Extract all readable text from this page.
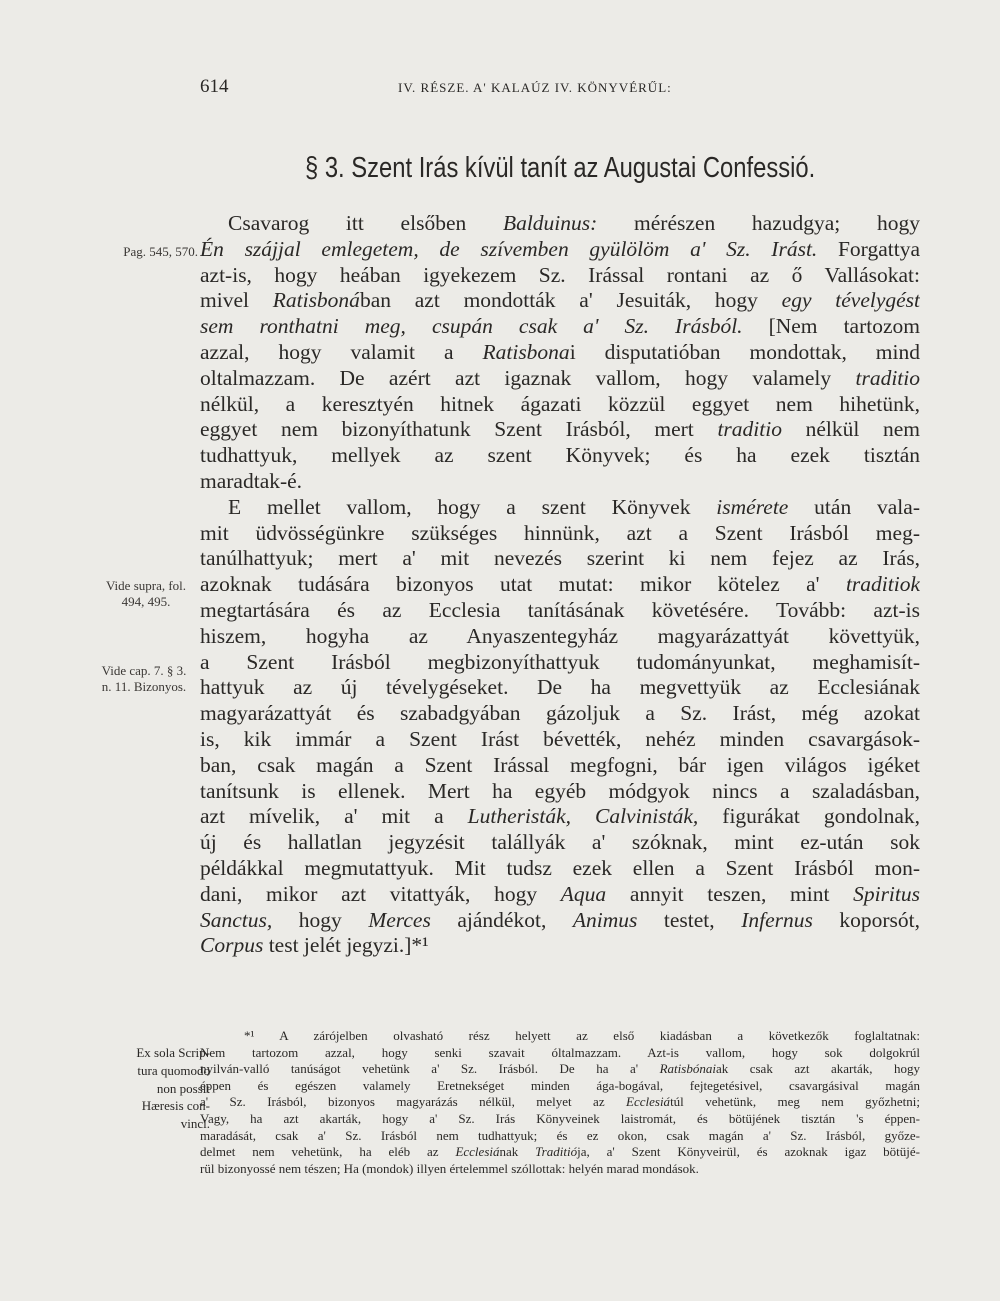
614	IV. RÉSZE. A' KALAÚZ IV. KÖNYVÉRŰL:
§ 3. Szent Irás kívül tanít az Augustai Confessió.
Csavarog itt elsőben Balduinus: mérészen hazudgya; hogy
Én szájjal emlegetem, de szívemben gyülölöm a' Sz. Irást. Forgattya
azt-is, hogy heában igyekezem Sz. Irással rontani az ő Vallásokat:
mivel Ratisbonában azt mondották a' Jesuiták, hogy egy tévelygést
sem ronthatni meg, csupán csak a' Sz. Irásból. [Nem tartozom
azzal, hogy valamit a Ratisbonai disputatióban mondottak, mind
oltalmazzam. De azért azt igaznak vallom, hogy valamely traditio
nélkül, a keresztyén hitnek ágazati közzül eggyet nem hihetünk,
eggyet nem bizonyíthatunk Szent Irásból, mert traditio nélkül nem
tudhattyuk, mellyek az szent Könyvek; és ha ezek tisztán
maradtak-é.
E mellet vallom, hogy a szent Könyvek ismérete után vala-
mit üdvösségünkre szükséges hinnünk, azt a Szent Irásból meg-
tanúlhattyuk; mert a' mit nevezés szerint ki nem fejez az Irás,
azoknak tudására bizonyos utat mutat: mikor kötelez a' traditiok
megtartására és az Ecclesia tanításának követésére. Tovább: azt-is
hiszem, hogyha az Anyaszentegyház magyarázattyát követtyük,
a Szent Irásból megbizonyíthattyuk tudományunkat, meghamisít-
hattyuk az új tévelygéseket. De ha megvettyük az Ecclesiának
magyarázattyát és szabadgyában gázoljuk a Sz. Irást, még azokat
is, kik immár a Szent Irást bévették, nehéz minden csavargások-
ban, csak magán a Szent Irással megfogni, bár igen világos igéket
tanítsunk is ellenek. Mert ha egyéb módgyok nincs a szaladásban,
azt mívelik, a' mit a Lutheristák, Calvinisták, figurákat gondolnak,
új és hallatlan jegyzésit talállyák a' szóknak, mint ez-után sok
példákkal megmutattyuk. Mit tudsz ezek ellen a Szent Irásból mon-
dani, mikor azt vitattyák, hogy Aqua annyit teszen, mint Spiritus
Sanctus, hogy Merces ajándékot, Animus testet, Infernus koporsót,
Corpus test jelét jegyzi.]*¹
Pag. 545, 570.
Vide supra, fol. 494, 495.
Vide cap. 7. § 3. n. 11. Bizonyos.
Ex sola Scrip-
tura quomodo
non possit
Hæresis con-
vinci.
*¹ A zárójelben olvasható rész helyett az első kiadásban a következők foglaltatnak:
Nem tartozom azzal, hogy senki szavait óltalmazzam. Azt-is vallom, hogy sok dolgokrúl
nyilván-valló tanúságot vehetünk a' Sz. Irásból. De ha a' Ratisbónaiak csak azt akarták, hogy
éppen és egészen valamely Eretnekséget minden ága-bogával, fejtegetésivel, csavargásival magán
a' Sz. Irásból, bizonyos magyarázás nélkül, melyet az Ecclesiátúl vehetünk, meg nem győzhetni;
Vagy, ha azt akarták, hogy a' Sz. Irás Könyveinek laistromát, és bötüjének tisztán 's éppen-
maradását, csak a' Sz. Irásból nem tudhattyuk; és ez okon, csak magán a' Sz. Irásból, győze-
delmet nem vehetünk, ha eléb az Ecclesiának Traditiója, a' Szent Könyveirül, és azoknak igaz bötüjé-
rül bizonyossé nem tészen; Ha (mondok) illyen értelemmel szóllottak: helyén marad mondások.
